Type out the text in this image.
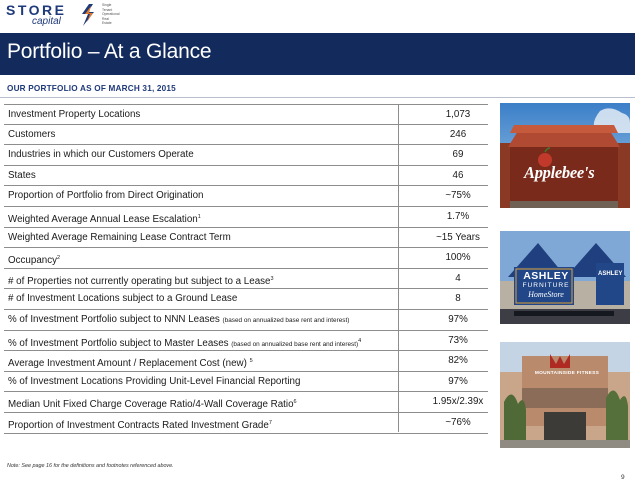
STORE
capital
Single
Tenant
Operational
Real
Estate
Portfolio – At a Glance
OUR PORTFOLIO AS OF MARCH 31, 2015
Investment Property Locations	1,073
Customers	246
Industries in which our Customers Operate	69
States	46
Proportion of Portfolio from Direct Origination	~75%
Weighted Average Annual Lease Escalation$^1$	1.7%
Weighted Average Remaining Lease Contract Term	~15 Years
Occupancy$^2$	100%
# of Properties not currently operating but subject to a Lease$^3$	4
# of Investment Locations subject to a Ground Lease	8
% of Investment Portfolio subject to NNN Leases (based on annualized base rent and interest)	97%
% of Investment Portfolio subject to Master Leases (based on annualized base rent and interest)$^4$	73%
Average Investment Amount / Replacement Cost (new) $^5$	82%
% of Investment Locations Providing Unit-Level Financial Reporting	97%
Median Unit Fixed Charge Coverage Ratio/4-Wall Coverage Ratio$^6$	1.95x/2.39x
Proportion of Investment Contracts Rated Investment Grade$^7$	~76%
Applebee's
ASHLEY
FURNITURE
HomeStore
ASHLEY
MOUNTAINSIDE FITNESS
Note: See page 16 for the definitions and footnotes referenced above.
9
